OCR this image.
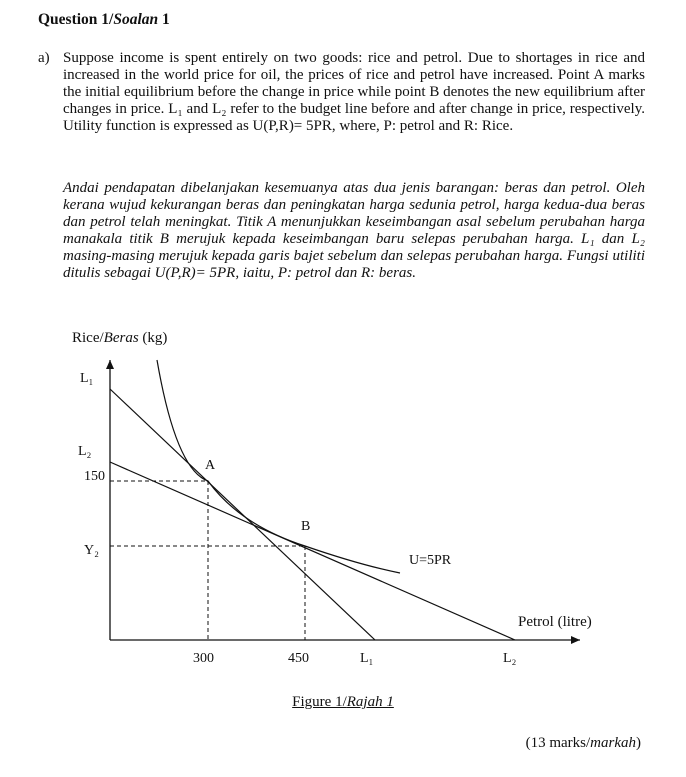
Question 1/Soalan 1
a) Suppose income is spent entirely on two goods: rice and petrol. Due to shortages in rice and increased in the world price for oil, the prices of rice and petrol have increased. Point A marks the initial equilibrium before the change in price while point B denotes the new equilibrium after changes in price. L₁ and L₂ refer to the budget line before and after change in price, respectively. Utility function is expressed as U(P,R)= 5PR, where, P: petrol and R: Rice.
Andai pendapatan dibelanjakan kesemuanya atas dua jenis barangan: beras dan petrol. Oleh kerana wujud kekurangan beras dan peningkatan harga sedunia petrol, harga kedua-dua beras dan petrol telah meningkat. Titik A menunjukkan keseimbangan asal sebelum perubahan harga manakala titik B merujuk kepada keseimbangan baru selepas perubahan harga. L₁ dan L₂ masing-masing merujuk kepada garis bajet sebelum dan selepas perubahan harga. Fungsi utiliti ditulis sebagai U(P,R)= 5PR, iaitu, P: petrol dan R: beras.
Rice/Beras (kg)
Petrol (litre)
L₁
L₂
150
Y₂
300	450	L₁	L₂
A
B
U=5PR
Figure 1/Rajah 1
(13 marks/markah)
